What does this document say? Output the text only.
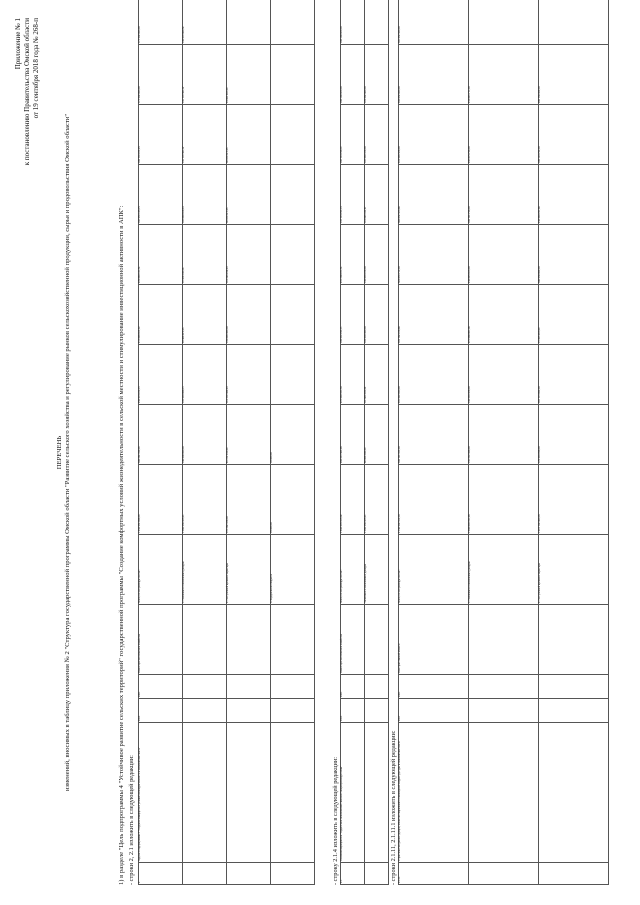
Приложение № 1 к постановлению Правительства Омской области от 19 сентября 2018 года № 268-п
ПЕРЕЧЕНЬ изменений, вносимых в таблицу приложения № 2 "Структура государственной программы Омской области "Развитие сельского хозяйства и регулирование рынков сельскохозяйственной продукции, сырья и продовольствия Омской области"	1) в разделе "Цель подпрограммы 4 "Устойчивое развитие сельских территорий" государственной программы "Создание комфортных условий жизнедеятельности в сельской местности и стимулирование инвестиционной активности в АПК": - строки 2, 2.1 изложить в следующей редакции:	2	Задача 2 подпрограммы 4 "Создание комфортных условий жизнедеятельности в сельской местности"	2014	2021	Министерство сельского хозяйства	Всего, из них расходы за счет:	1 916 551 856,04	300 481 459,04	250 970 242,74	217 896 814,42	276 883 121,51	164 554 135,75	185 734 244,25	177 502 963,00	177 502 963,00
					1. Налоговых и неналоговых доходов	1 059 556 345,21	106 008 960,00	107 546 986,74	49 388 973,55	72 348 102,26	124 883 818,40	131 779 561,07	131 779 561,07	130 979 860,52
					2. Поступлений целевого характера	774 482 448,00	81 472 440,00	113 749 483,00	145 896 000,00	110 466 248,00	39 670 317,35	39 670 317,35	43 964 844,00	
					3. Федерального бюджета	76 280,00	18 280,00							
- строку 2.1.4 изложить в следующей редакции: 2.1	Основное мероприятие "Содействие сельскохозяйственным товаропроизводителям"	2014	2021	Министерство сельского хозяйства	Всего, из них расходы за счет:	1 618 376 315,02	263 244 564,98	274 960 421,50	190 542 254,71	241 468 241,51	144 745 764,73	164 743 768,72	160 168 640,00	160 168 640,00
					Налоговых и неналоговых доходов	1 059 556 345,21	89 896 000,00	111 680 490,00	120 000 000,00	146 648 246,00	110 868 180,97	124 060 446,00	125 062 660,00	
- строки 2.1.11, 2.1.11.1 изложить в следующей редакции: 2.1.11	Строительство (реконструкция) объектов социальной и инженерной инфраструктуры в сельской местности	2017	2021	Минстрой Омской области	Всего, из них расходы за счет:	2 708 502 512,03	330 791 424,00	491 022 900,00	345 782 248,68	523 854 712,00	383 852 543,68	423 996 548,00	483 652 800,00	301 352 500,00
					1. Налоговых и неналоговых доходов	1 480 800 451,98	151 442 466,00	133 248 048,00	271 686 981,08	216 895 813,00	165 791 756,00	234 875 756,00	213 894 771,00	
					2. Поступлений целевого характера	1 227 702 060,05	179 348 958,00	357 774 852,00	74 095 267,60	306 958 899,00	218 060 787,68	189 120 792,00	269 758 029,00	
